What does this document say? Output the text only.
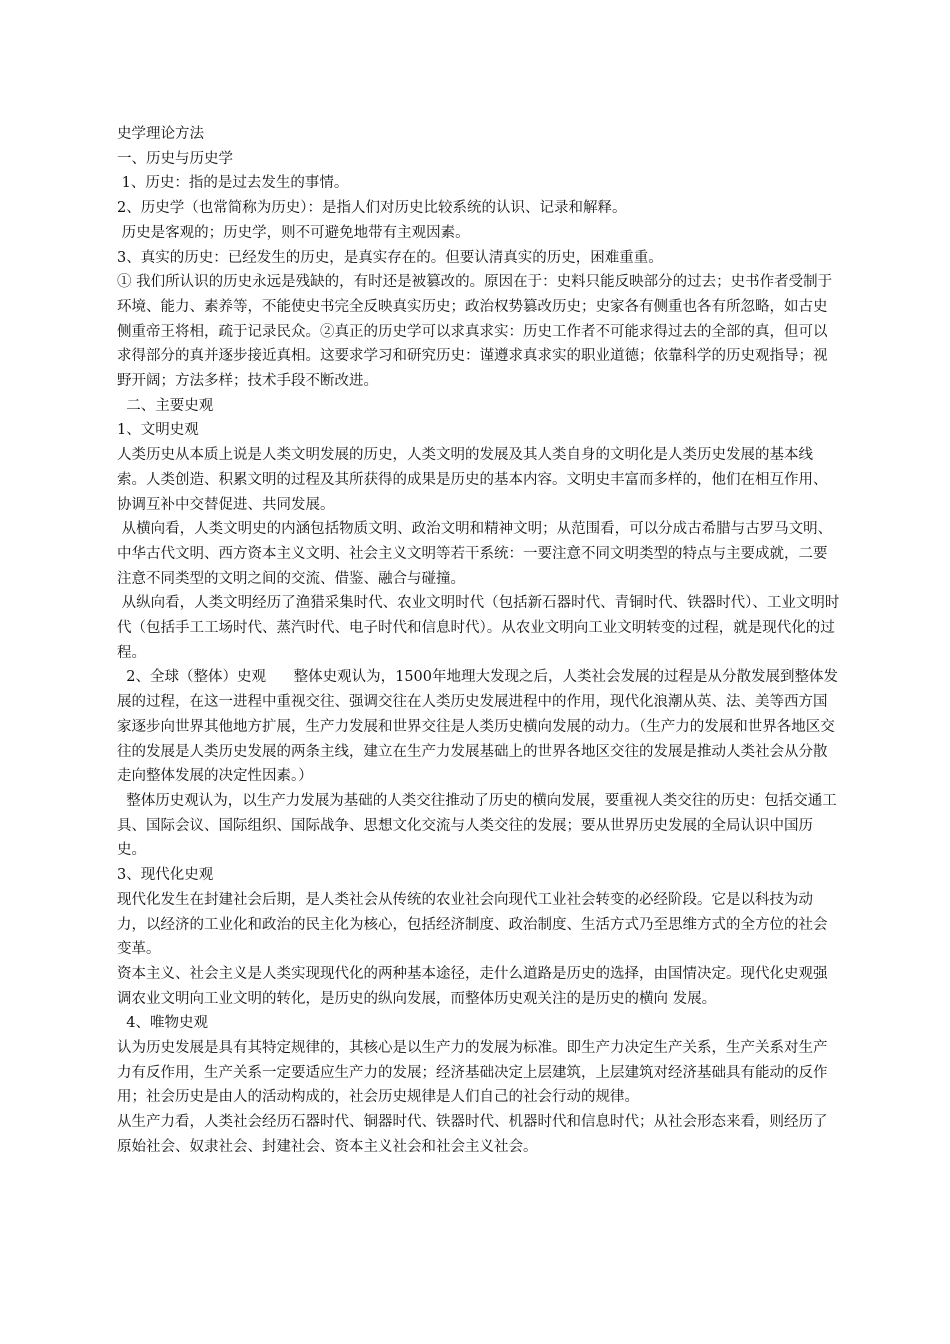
史学理论方法

一、历史与历史学

1、历史：指的是过去发生的事情。

2、历史学（也常简称为历史）：是指人们对历史比较系统的认识、记录和解释。

历史是客观的；历史学，则不可避免地带有主观因素。

3、真实的历史：已经发生的历史，是真实存在的。但要认清真实的历史，困难重重。

① 我们所认识的历史永远是残缺的，有时还是被篡改的。原因在于：史料只能反映部分的过去；史书作者受制于环境、能力、素养等，不能使史书完全反映真实历史；政治权势篡改历史；史家各有侧重也各有所忽略，如古史侧重帝王将相，疏于记录民众。②真正的历史学可以求真求实：历史工作者不可能求得过去的全部的真，但可以求得部分的真并逐步接近真相。这要求学习和研究历史：谨遵求真求实的职业道德；依靠科学的历史观指导；视野开阔；方法多样；技术手段不断改进。

二、主要史观

1、文明史观

人类历史从本质上说是人类文明发展的历史，人类文明的发展及其人类自身的文明化是人类历史发展的基本线索。人类创造、积累文明的过程及其所获得的成果是历史的基本内容。文明史丰富而多样的，他们在相互作用、协调互补中交替促进、共同发展。

从横向看，人类文明史的内涵包括物质文明、政治文明和精神文明；从范围看，可以分成古希腊与古罗马文明、中华古代文明、西方资本主义文明、社会主义文明等若干系统：一要注意不同文明类型的特点与主要成就，二要注意不同类型的文明之间的交流、借鉴、融合与碰撞。

从纵向看，人类文明经历了渔猎采集时代、农业文明时代（包括新石器时代、青铜时代、铁器时代）、工业文明时代（包括手工工场时代、蒸汽时代、电子时代和信息时代）。从农业文明向工业文明转变的过程，就是现代化的过程。

2、全球（整体）史观      整体史观认为，1500年地理大发现之后，人类社会发展的过程是从分散发展到整体发展的过程，在这一进程中重视交往、强调交往在人类历史发展进程中的作用，现代化浪潮从英、法、美等西方国家逐步向世界其他地方扩展，生产力发展和世界交往是人类历史横向发展的动力。（生产力的发展和世界各地区交往的发展是人类历史发展的两条主线，建立在生产力发展基础上的世界各地区交往的发展是推动人类社会从分散走向整体发展的决定性因素。）

整体历史观认为，以生产力发展为基础的人类交往推动了历史的横向发展，要重视人类交往的历史：包括交通工具、国际会议、国际组织、国际战争、思想文化交流与人类交往的发展；要从世界历史发展的全局认识中国历史。

3、现代化史观

现代化发生在封建社会后期，是人类社会从传统的农业社会向现代工业社会转变的必经阶段。它是以科技为动力，以经济的工业化和政治的民主化为核心，包括经济制度、政治制度、生活方式乃至思维方式的全方位的社会变革。

资本主义、社会主义是人类实现现代化的两种基本途径，走什么道路是历史的选择，由国情决定。现代化史观强调农业文明向工业文明的转化，是历史的纵向发展，而整体历史观关注的是历史的横向 发展。

4、唯物史观

认为历史发展是具有其特定规律的，其核心是以生产力的发展为标准。即生产力决定生产关系，生产关系对生产力有反作用，生产关系一定要适应生产力的发展；经济基础决定上层建筑，上层建筑对经济基础具有能动的反作用；社会历史是由人的活动构成的，社会历史规律是人们自己的社会行动的规律。

从生产力看，人类社会经历石器时代、铜器时代、铁器时代、机器时代和信息时代；从社会形态来看，则经历了原始社会、奴隶社会、封建社会、资本主义社会和社会主义社会。
